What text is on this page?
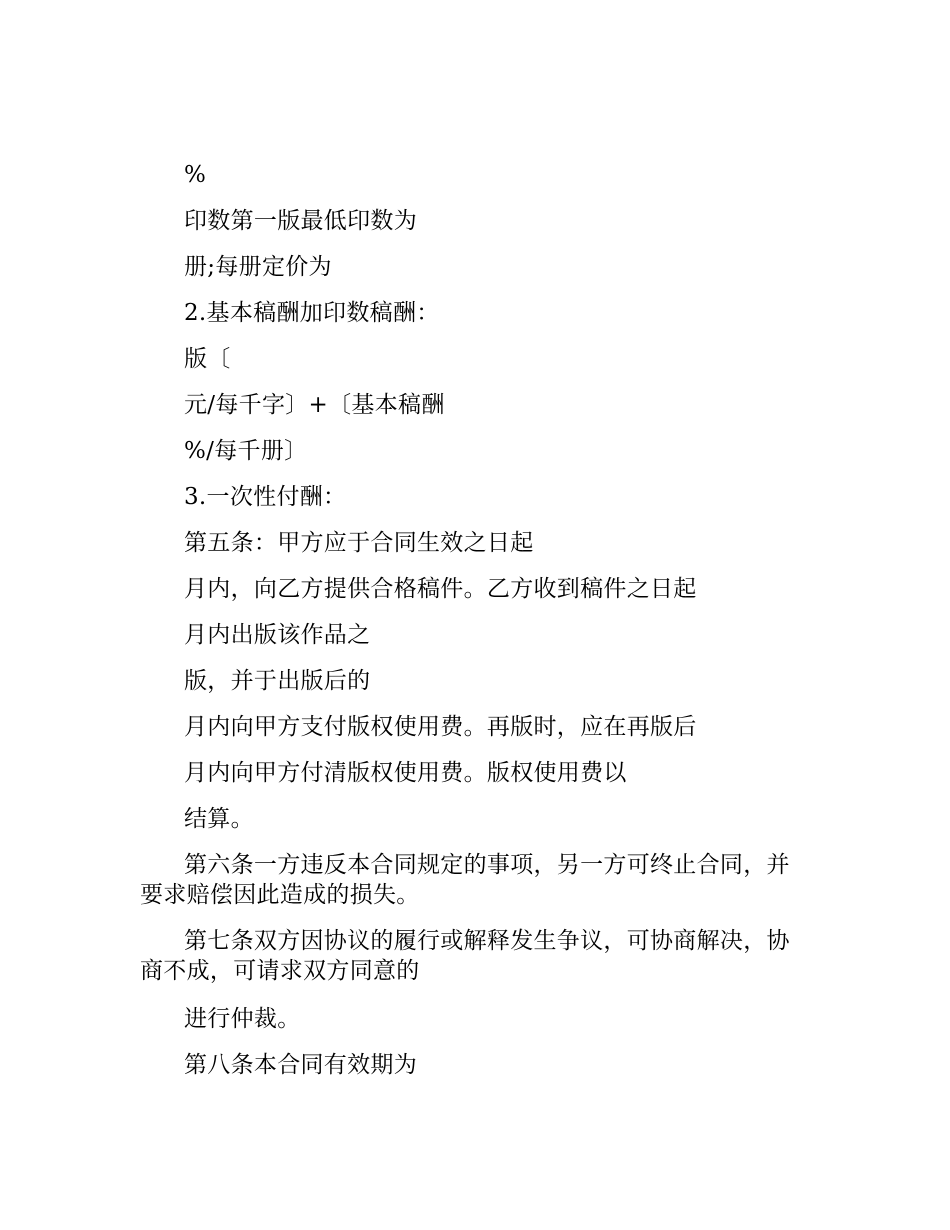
%

印数第一版最低印数为

册;每册定价为

2.基本稿酬加印数稿酬：

版〔

元/每千字〕+〔基本稿酬

%/每千册〕

3.一次性付酬：

第五条：甲方应于合同生效之日起

月内，向乙方提供合格稿件。乙方收到稿件之日起

月内出版该作品之

版，并于出版后的

月内向甲方支付版权使用费。再版时，应在再版后

月内向甲方付清版权使用费。版权使用费以

结算。

第六条一方违反本合同规定的事项，另一方可终止合同，并要求赔偿因此造成的损失。

第七条双方因协议的履行或解释发生争议，可协商解决，协商不成，可请求双方同意的

进行仲裁。

第八条本合同有效期为
